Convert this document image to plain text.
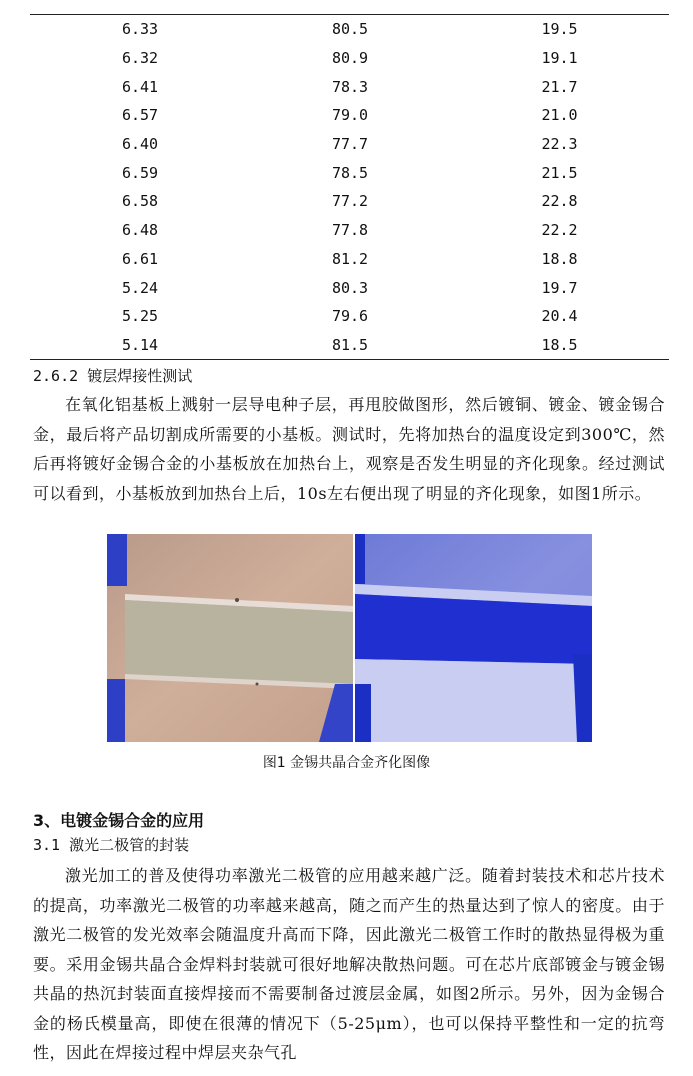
6.33	80.5	19.5
6.32	80.9	19.1
6.41	78.3	21.7
6.57	79.0	21.0
6.40	77.7	22.3
6.59	78.5	21.5
6.58	77.2	22.8
6.48	77.8	22.2
6.61	81.2	18.8
5.24	80.3	19.7
5.25	79.6	20.4
5.14	81.5	18.5
2.6.2 镀层焊接性测试

在氧化铝基板上溅射一层导电种子层，再甩胶做图形，然后镀铜、镀金、镀金锡合金，最后将产品切割成所需要的小基板。测试时，先将加热台的温度设定到300℃，然后再将镀好金锡合金的小基板放在加热台上，观察是否发生明显的齐化现象。经过测试可以看到，小基板放到加热台上后，10s左右便出现了明显的齐化现象，如图1所示。

图1 金锡共晶合金齐化图像
3、电镀金锡合金的应用
3.1 激光二极管的封装

激光加工的普及使得功率激光二极管的应用越来越广泛。随着封装技术和芯片技术的提高，功率激光二极管的功率越来越高，随之而产生的热量达到了惊人的密度。由于激光二极管的发光效率会随温度升高而下降，因此激光二极管工作时的散热显得极为重要。采用金锡共晶合金焊料封装就可很好地解决散热问题。可在芯片底部镀金与镀金锡共晶的热沉封装面直接焊接而不需要制备过渡层金属，如图2所示。另外，因为金锡合金的杨氏模量高，即使在很薄的情况下（5-25μm），也可以保持平整性和一定的抗弯性，因此在焊接过程中焊层夹杂气孔
